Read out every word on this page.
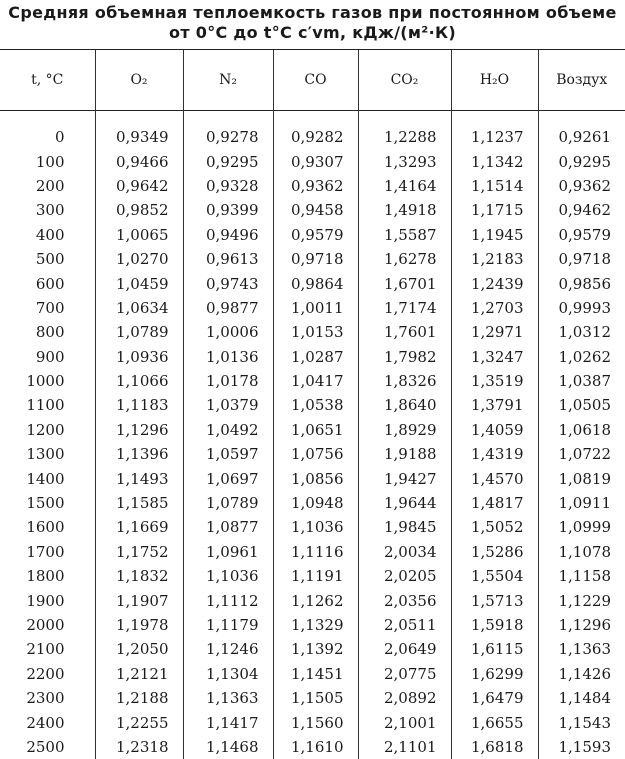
Средняя объемная теплоемкость газов при постоянном объеме
от 0°C до t°C c′vm, кДж/(м²·К)
t, °C	O₂	N₂	CO	CO₂	H₂O	Воздух
0	0,9349	0,9278	0,9282	1,2288	1,1237	0,9261
100	0,9466	0,9295	0,9307	1,3293	1,1342	0,9295
200	0,9642	0,9328	0,9362	1,4164	1,1514	0,9362
300	0,9852	0,9399	0,9458	1,4918	1,1715	0,9462
400	1,0065	0,9496	0,9579	1,5587	1,1945	0,9579
500	1,0270	0,9613	0,9718	1,6278	1,2183	0,9718
600	1,0459	0,9743	0,9864	1,6701	1,2439	0,9856
700	1,0634	0,9877	1,0011	1,7174	1,2703	0,9993
800	1,0789	1,0006	1,0153	1,7601	1,2971	1,0312
900	1,0936	1,0136	1,0287	1,7982	1,3247	1,0262
1000	1,1066	1,0178	1,0417	1,8326	1,3519	1,0387
1100	1,1183	1,0379	1,0538	1,8640	1,3791	1,0505
1200	1,1296	1,0492	1,0651	1,8929	1,4059	1,0618
1300	1,1396	1,0597	1,0756	1,9188	1,4319	1,0722
1400	1,1493	1,0697	1,0856	1,9427	1,4570	1,0819
1500	1,1585	1,0789	1,0948	1,9644	1,4817	1,0911
1600	1,1669	1,0877	1,1036	1,9845	1,5052	1,0999
1700	1,1752	1,0961	1,1116	2,0034	1,5286	1,1078
1800	1,1832	1,1036	1,1191	2,0205	1,5504	1,1158
1900	1,1907	1,1112	1,1262	2,0356	1,5713	1,1229
2000	1,1978	1,1179	1,1329	2,0511	1,5918	1,1296
2100	1,2050	1,1246	1,1392	2,0649	1,6115	1,1363
2200	1,2121	1,1304	1,1451	2,0775	1,6299	1,1426
2300	1,2188	1,1363	1,1505	2,0892	1,6479	1,1484
2400	1,2255	1,1417	1,1560	2,1001	1,6655	1,1543
2500	1,2318	1,1468	1,1610	2,1101	1,6818	1,1593
